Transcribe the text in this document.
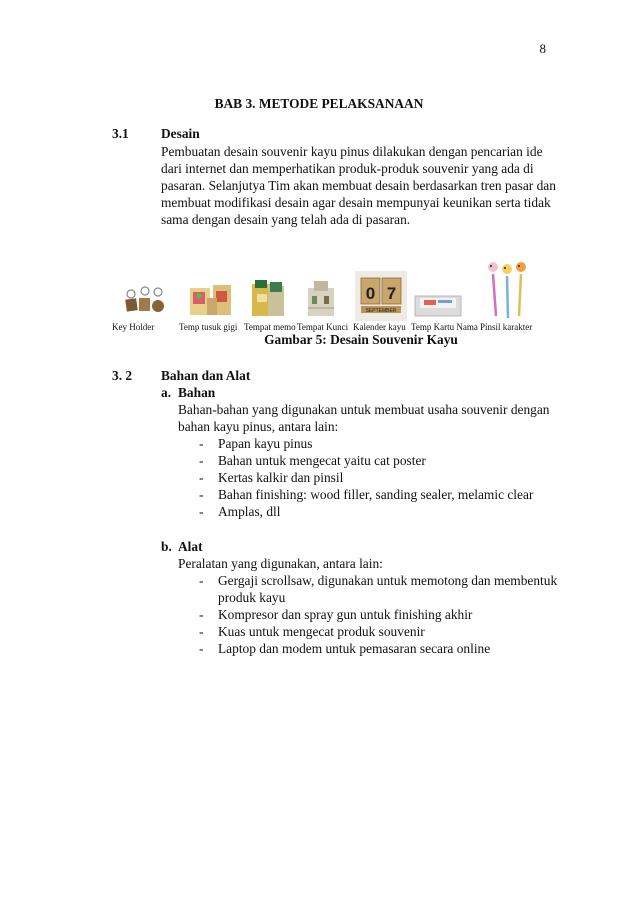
8
BAB 3. METODE PELAKSANAAN
3.1 Desain
Pembuatan desain souvenir kayu pinus dilakukan dengan pencarian ide
dari internet dan memperhatikan produk-produk souvenir yang ada di
pasaran. Selanjutya Tim akan membuat desain berdasarkan tren pasar dan
membuat modifikasi desain agar desain mempunyai keunikan serta tidak
sama dengan desain yang telah ada di pasaran.
0 7
SEPTEMBER
Key Holder	Temp tusuk gigi Tempat memo Tempat Kunci Kalender kayu Temp Kartu Nama Pinsil karakter
Gambar 5: Desain Souvenir Kayu
3. 2 Bahan dan Alat
a. Bahan
Bahan-bahan yang digunakan untuk membuat usaha souvenir dengan
bahan kayu pinus, antara lain:
- Papan kayu pinus
- Bahan untuk mengecat yaitu cat poster
- Kertas kalkir dan pinsil
- Bahan finishing: wood filler, sanding sealer, melamic clear
- Amplas, dll
b. Alat
Peralatan yang digunakan, antara lain:
- Gergaji scrollsaw, digunakan untuk memotong dan membentuk
produk kayu
- Kompresor dan spray gun untuk finishing akhir
- Kuas untuk mengecat produk souvenir
- Laptop dan modem untuk pemasaran secara online
